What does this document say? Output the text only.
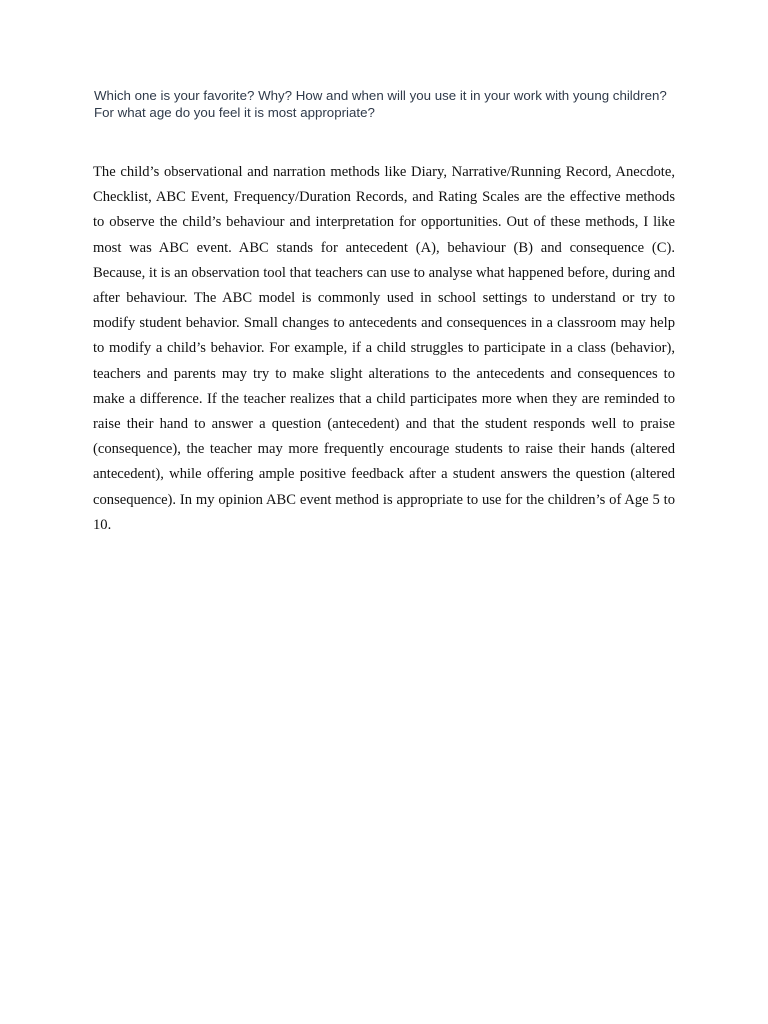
Which one is your favorite? Why? How and when will you use it in your work with young children? For what age do you feel it is most appropriate?

The child’s observational and narration methods like Diary, Narrative/Running Record, Anecdote, Checklist, ABC Event, Frequency/Duration Records, and Rating Scales are the effective methods to observe the child’s behaviour and interpretation for opportunities. Out of these methods, I like most was ABC event. ABC stands for antecedent (A), behaviour (B) and consequence (C). Because, it is an observation tool that teachers can use to analyse what happened before, during and after behaviour. The ABC model is commonly used in school settings to understand or try to modify student behavior. Small changes to antecedents and consequences in a classroom may help to modify a child’s behavior. For example, if a child struggles to participate in a class (behavior), teachers and parents may try to make slight alterations to the antecedents and consequences to make a difference. If the teacher realizes that a child participates more when they are reminded to raise their hand to answer a question (antecedent) and that the student responds well to praise (consequence), the teacher may more frequently encourage students to raise their hands (altered antecedent), while offering ample positive feedback after a student answers the question (altered consequence). In my opinion ABC event method is appropriate to use for the children’s of Age 5 to 10.
